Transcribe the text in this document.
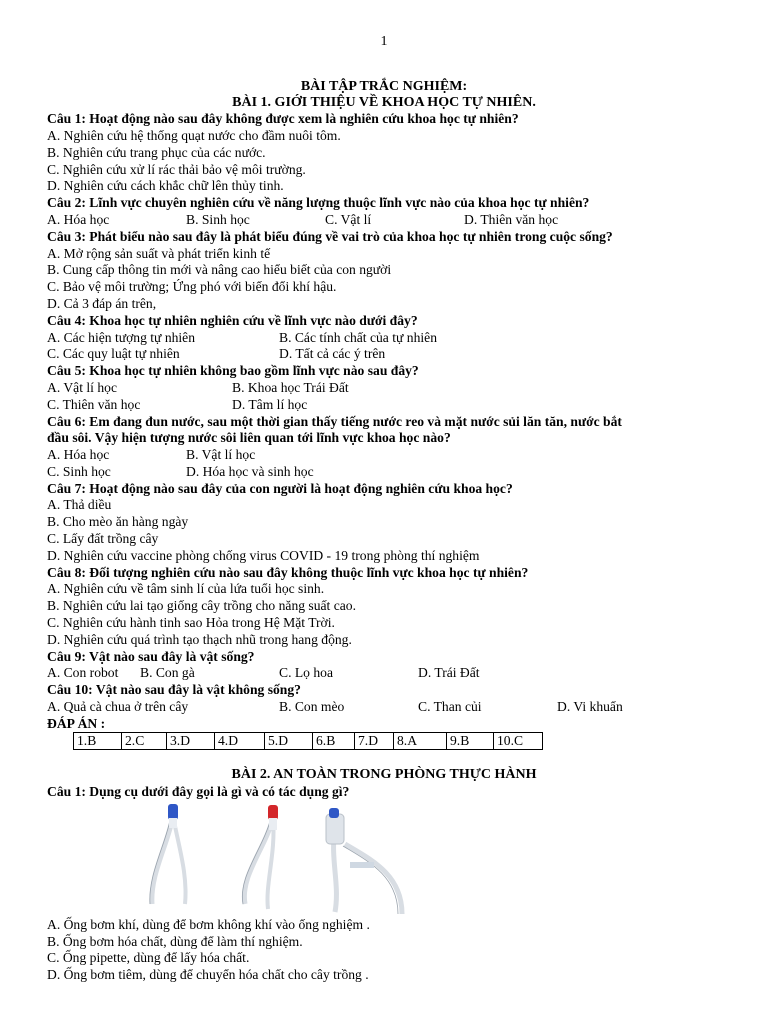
1
BÀI TẬP TRẮC NGHIỆM:
BÀI 1. GIỚI THIỆU VỀ KHOA HỌC TỰ NHIÊN.
Câu 1: Hoạt động nào sau đây không được xem là nghiên cứu khoa học tự nhiên?
A. Nghiên cứu hệ thống quạt nước cho đầm nuôi tôm.
B. Nghiên cứu trang phục của các nước.
C. Nghiên cứu xử lí rác thải bảo vệ môi trường.
D. Nghiên cứu cách khắc chữ lên thủy tinh.
Câu 2: Lĩnh vực chuyên nghiên cứu về năng lượng thuộc lĩnh vực nào của khoa học tự nhiên?
A. Hóa học	B. Sinh học	C. Vật lí	D. Thiên văn học
Câu 3: Phát biểu nào sau đây là phát biểu đúng về vai trò của khoa học tự nhiên trong cuộc sống?
A. Mở rộng sản suất và phát triển kinh tế
B. Cung cấp thông tin mới và nâng cao hiểu biết của con người
C. Bảo vệ môi trường; Ứng phó với biến đổi khí hậu.
D. Cả 3 đáp án trên,
Câu 4: Khoa học tự nhiên nghiên cứu về lĩnh vực nào dưới đây?
A. Các hiện tượng tự nhiên	B. Các tính chất của tự nhiên
C. Các quy luật tự nhiên	D. Tất cả các ý trên
Câu 5: Khoa học tự nhiên không bao gồm lĩnh vực nào sau đây?
A. Vật lí học	B. Khoa học Trái Đất
C. Thiên văn học	D. Tâm lí học
Câu 6: Em đang đun nước, sau một thời gian thấy tiếng nước reo và mặt nước sủi lăn tăn, nước bắt
đầu sôi. Vậy hiện tượng nước sôi liên quan tới lĩnh vực khoa học nào?
A. Hóa học	B. Vật lí học
C. Sinh học	D. Hóa học và sinh học
Câu 7: Hoạt động nào sau đây của con người là hoạt động nghiên cứu khoa học?
A. Thả diều
B. Cho mèo ăn hàng ngày
C. Lấy đất trồng cây
D. Nghiên cứu vaccine phòng chống virus COVID - 19 trong phòng thí nghiệm
Câu 8: Đối tượng nghiên cứu nào sau đây không thuộc lĩnh vực khoa học tự nhiên?
A. Nghiên cứu về tâm sinh lí của lứa tuổi học sinh.
B. Nghiên cứu lai tạo giống cây trồng cho năng suất cao.
C. Nghiên cứu hành tinh sao Hỏa trong Hệ Mặt Trời.
D. Nghiên cứu quá trình tạo thạch nhũ trong hang động.
Câu 9: Vật nào sau đây là vật sống?
A. Con robot B. Con gà	C. Lọ hoa	D. Trái Đất
Câu 10: Vật nào sau đây là vật không sống?
A. Quả cà chua ở trên cây	B. Con mèo	C. Than củi	D. Vi khuẩn
ĐÁP ÁN :
1.B	2.C	3.D	4.D	5.D	6.B	7.D	8.A	9.B	10.C
BÀI 2. AN TOÀN TRONG PHÒNG THỰC HÀNH
Câu 1: Dụng cụ dưới đây gọi là gì và có tác dụng gì?
A. Ống bơm khí, dùng để bơm không khí vào ống nghiệm .
B. Ống bơm hóa chất, dùng để làm thí nghiệm.
C. Ống pipette, dùng để lấy hóa chất.
D. Ống bơm tiêm, dùng để chuyển hóa chất cho cây trồng .
